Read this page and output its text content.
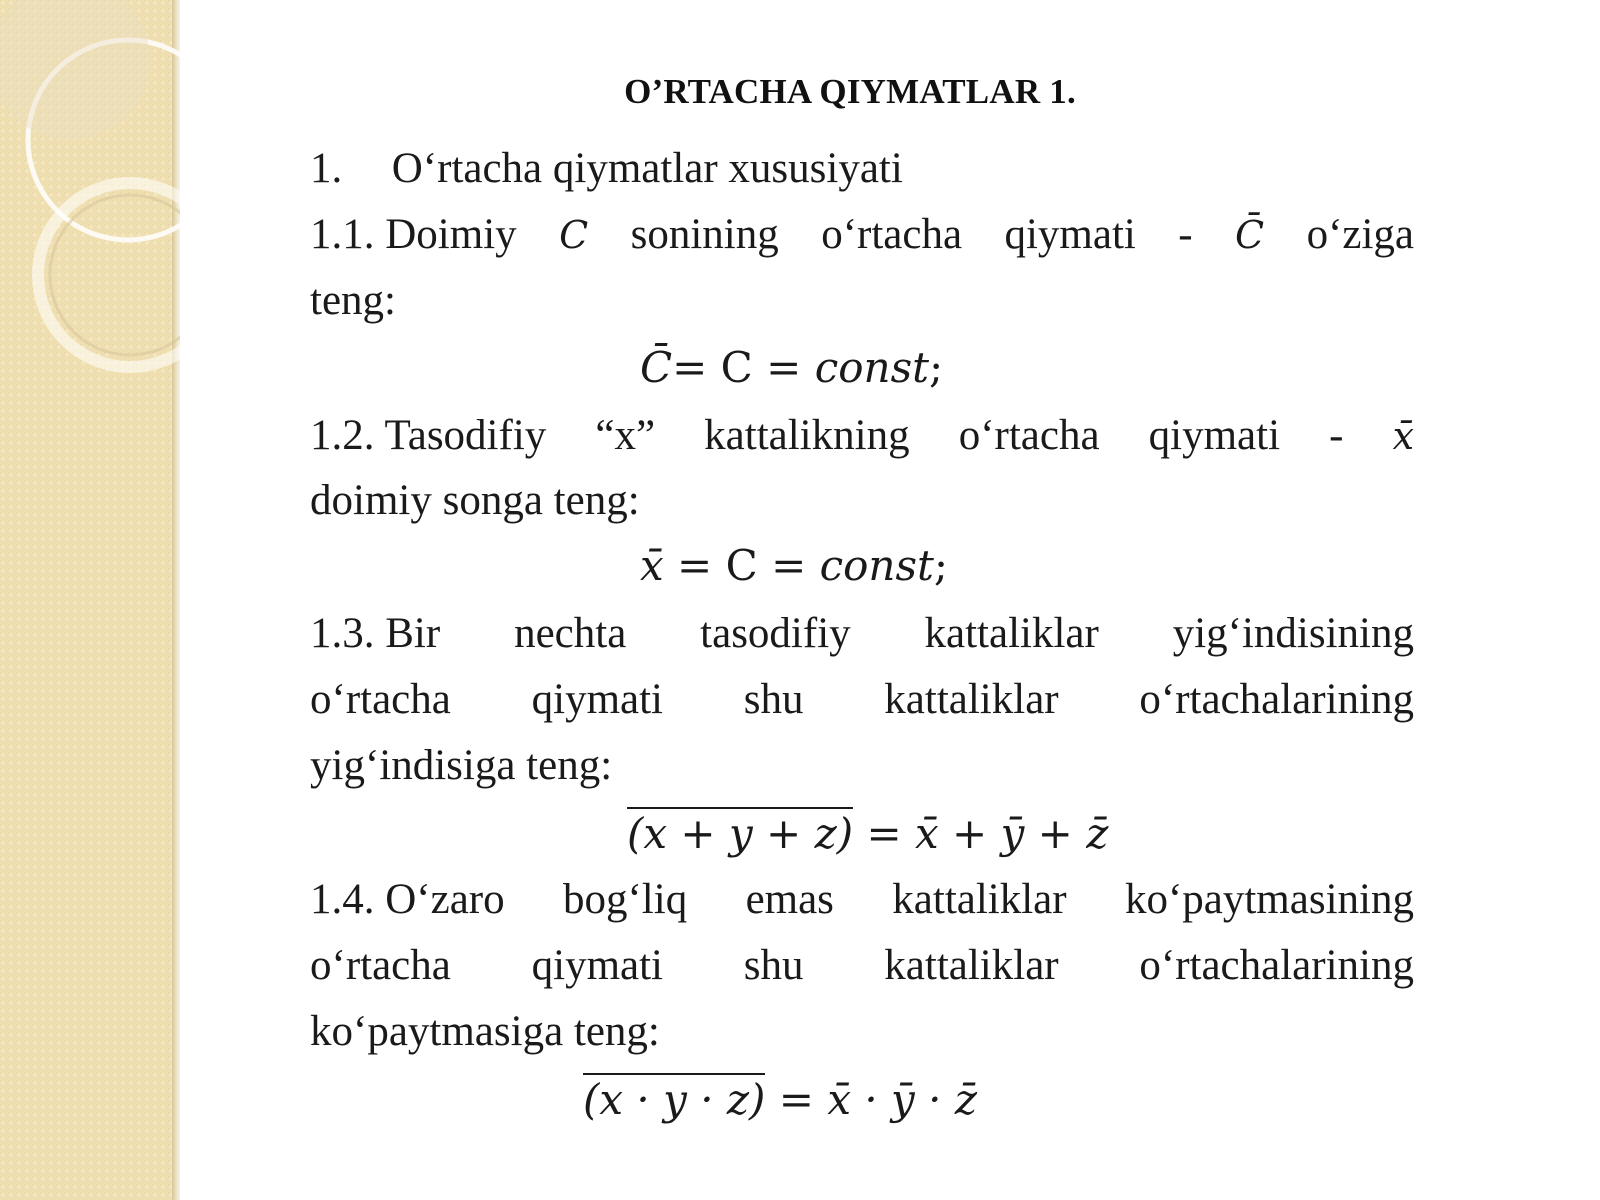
O’RTACHA QIYMATLAR 1.
1. O‘rtacha qiymatlar xususiyati
1.1. Doimiy C sonining o‘rtacha qiymati - C̄ o‘ziga
teng:
C̄= C = const;
1.2. Tasodifiy “x” kattalikning o‘rtacha qiymati - x̄
doimiy songa teng:
x̄ = C = const;
1.3. Bir nechta tasodifiy kattaliklar yig‘indisining
o‘rtacha qiymati shu kattaliklar o‘rtachalarining
yig‘indisiga teng:
(x + y + z) = x̄ + ȳ + z̄
1.4. O‘zaro bog‘liq emas kattaliklar ko‘paytmasining
o‘rtacha qiymati shu kattaliklar o‘rtachalarining
ko‘paytmasiga teng:
(x · y · z) = x̄ · ȳ · z̄
